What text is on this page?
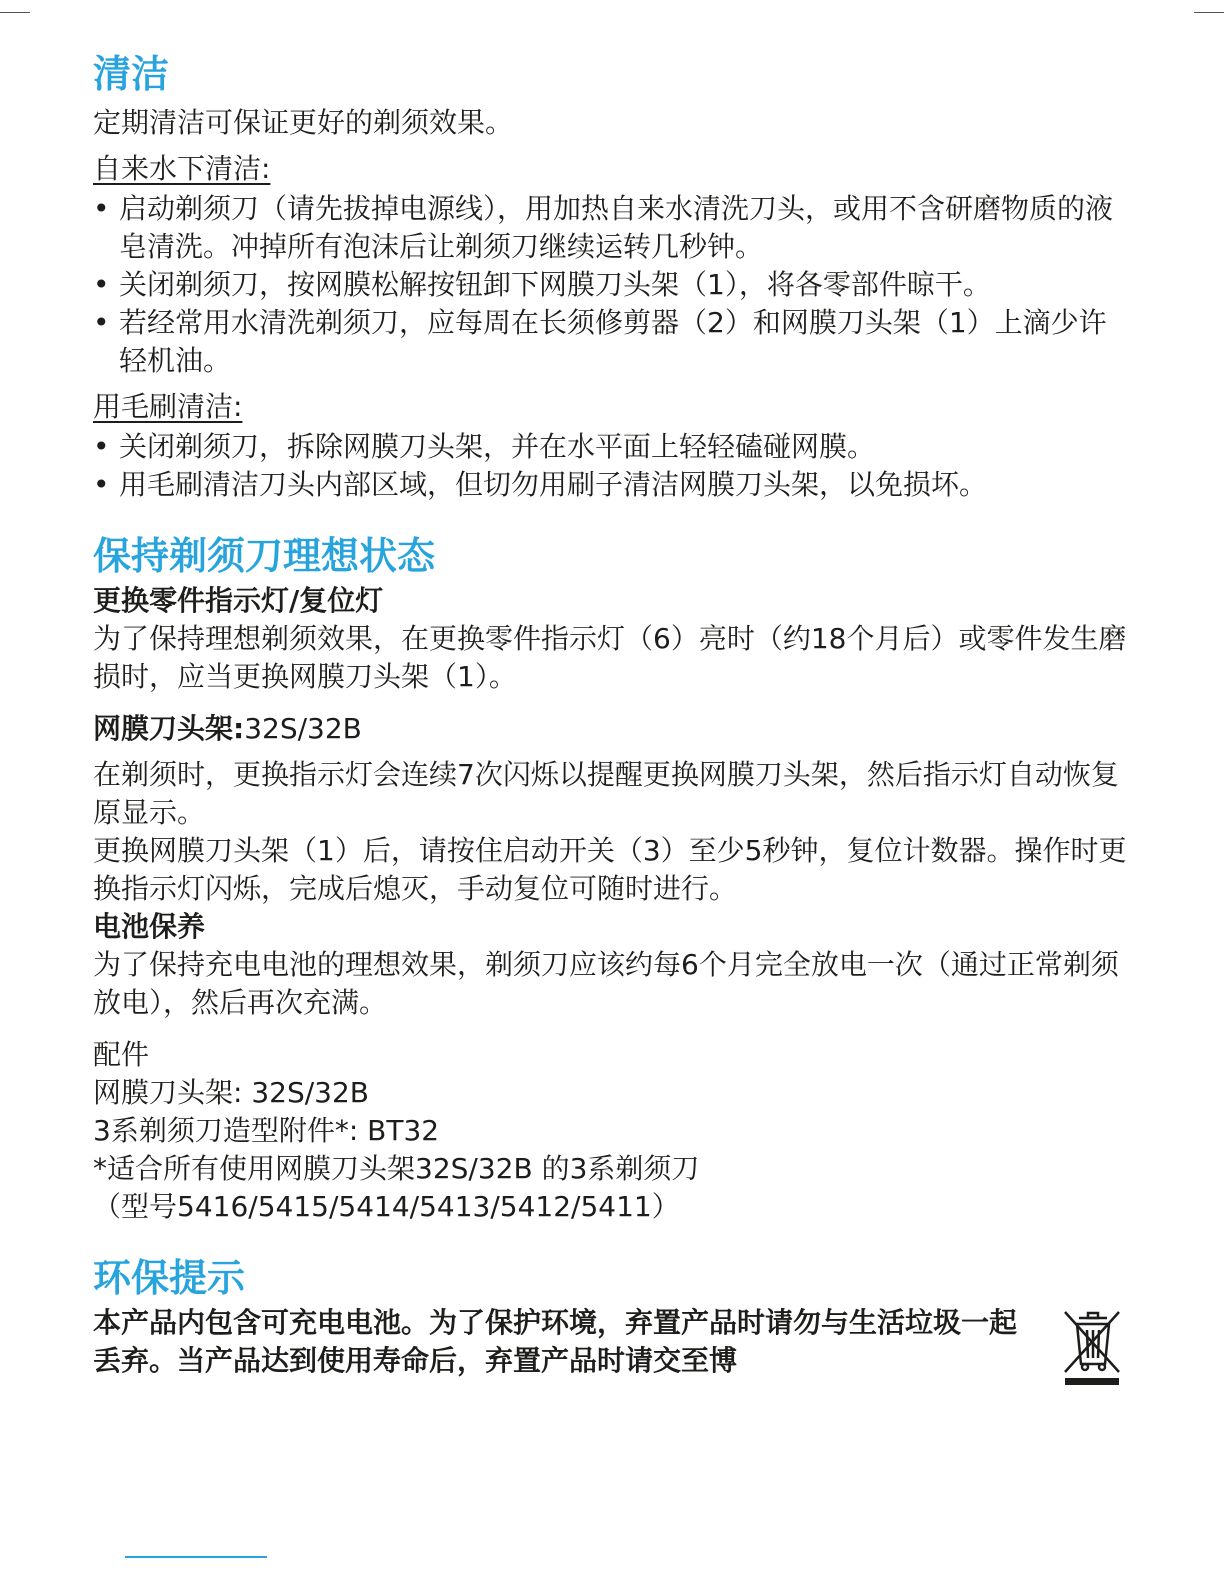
清洁

定期清洁可保证更好的剃须效果。

自来水下清洁:

• 启动剃须刀（请先拔掉电源线），用加热自来水清洗刀头，或用不含研磨物质的液皂清洗。冲掉所有泡沫后让剃须刀继续运转几秒钟。
• 关闭剃须刀，按网膜松解按钮卸下网膜刀头架（1），将各零部件晾干。
• 若经常用水清洗剃须刀，应每周在长须修剪器（2）和网膜刀头架（1）上滴少许轻机油。

用毛刷清洁:

• 关闭剃须刀，拆除网膜刀头架，并在水平面上轻轻磕碰网膜。
• 用毛刷清洁刀头内部区域，但切勿用刷子清洁网膜刀头架，以免损坏。
保持剃须刀理想状态
更换零件指示灯/复位灯

为了保持理想剃须效果，在更换零件指示灯（6）亮时（约18个月后）或零件发生磨损时，应当更换网膜刀头架（1）。

网膜刀头架:32S/32B

在剃须时，更换指示灯会连续7次闪烁以提醒更换网膜刀头架，然后指示灯自动恢复原显示。

更换网膜刀头架（1）后，请按住启动开关（3）至少5秒钟，复位计数器。操作时更换指示灯闪烁，完成后熄灭，手动复位可随时进行。

电池保养

为了保持充电电池的理想效果，剃须刀应该约每6个月完全放电一次（通过正常剃须放电），然后再次充满。

配件

网膜刀头架: 32S/32B

3系剃须刀造型附件*: BT32

*适合所有使用网膜刀头架32S/32B 的3系剃须刀

（型号5416/5415/5414/5413/5412/5411）

环保提示

本产品内包含可充电电池。为了保护环境，弃置产品时请勿与生活垃圾一起丢弃。当产品达到使用寿命后，弃置产品时请交至博
